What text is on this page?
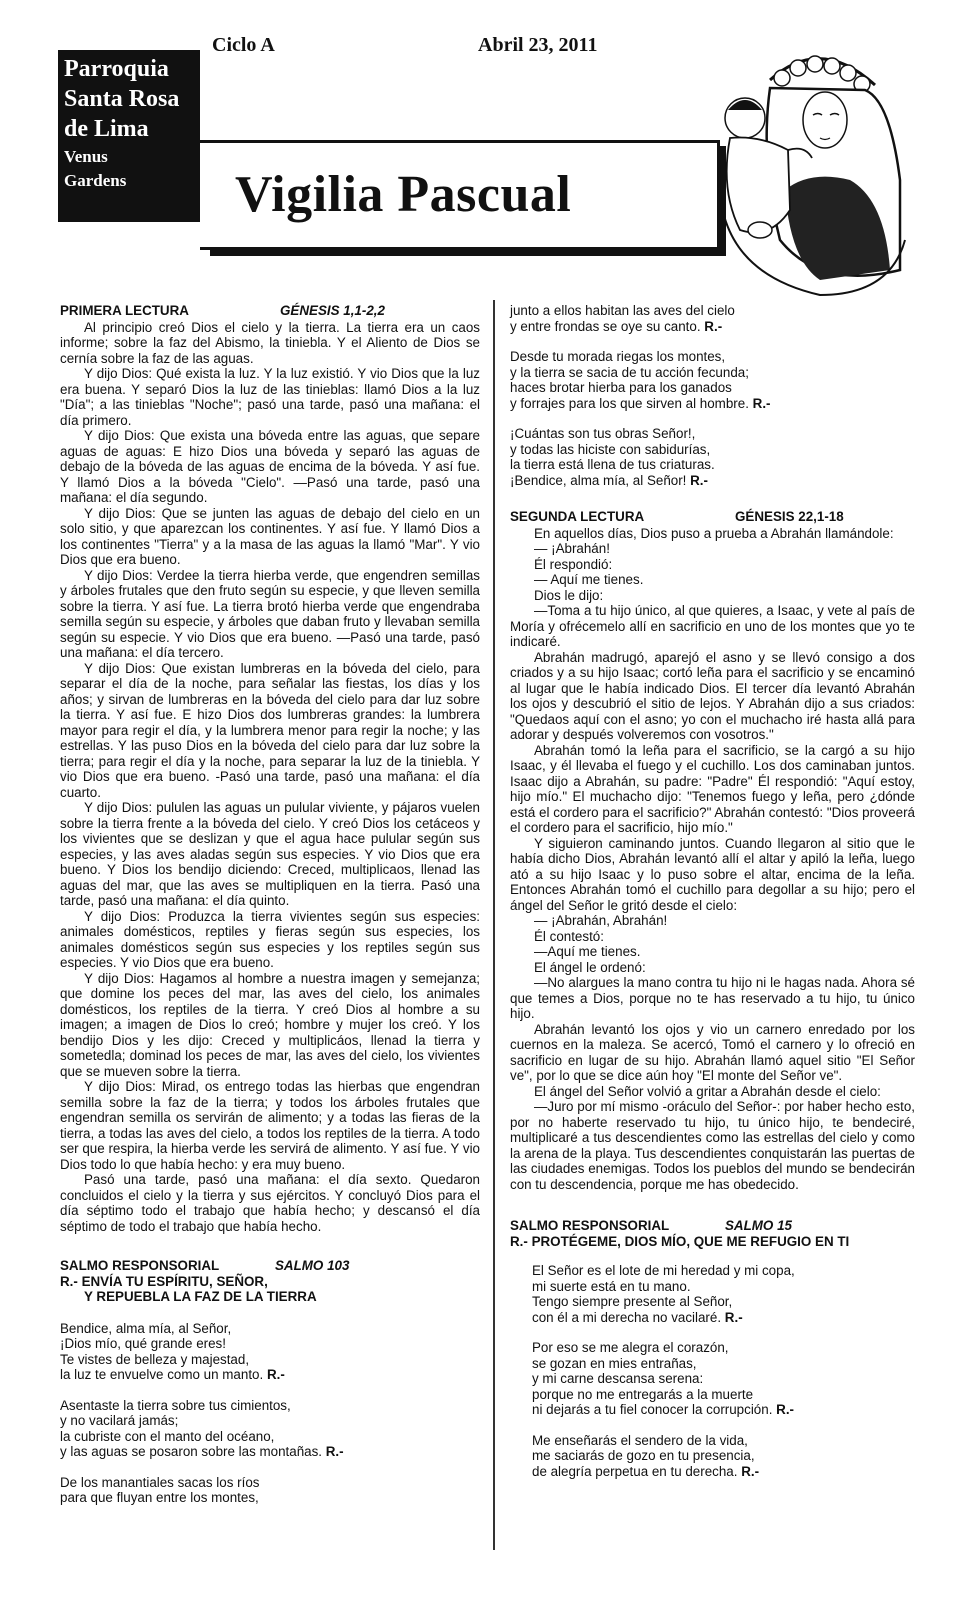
Parroquia
Santa Rosa
de Lima
Venus
Gardens
Ciclo A	Abril 23, 2011
Vigilia Pascual
PRIMERA LECTURA	GÉNESIS 1,1-2,2

Al principio creó Dios el cielo y la tierra. La tierra era un caos informe; sobre la faz del Abismo, la tiniebla. Y el Aliento de Dios se cernía sobre la faz de las aguas.

Y dijo Dios: Qué exista la luz. Y la luz existió. Y vio Dios que la luz era buena. Y separó Dios la luz de las tinieblas: llamó Dios a la luz "Día"; a las tinieblas "Noche"; pasó una tarde, pasó una mañana: el día primero.

Y dijo Dios: Que exista una bóveda entre las aguas, que separe aguas de aguas: E hizo Dios una bóveda y separó las aguas de debajo de la bóveda de las aguas de encima de la bóveda. Y así fue. Y llamó Dios a la bóveda "Cielo". —Pasó una tarde, pasó una mañana: el día segundo.

Y dijo Dios: Que se junten las aguas de debajo del cielo en un solo sitio, y que aparezcan los continentes. Y así fue. Y llamó Dios a los continentes "Tierra" y a la masa de las aguas la llamó "Mar". Y vio Dios que era bueno.

Y dijo Dios: Verdee la tierra hierba verde, que engendren semillas y árboles frutales que den fruto según su especie, y que lleven semilla sobre la tierra. Y así fue. La tierra brotó hierba verde que engendraba semilla según su especie, y árboles que daban fruto y llevaban semilla según su especie. Y vio Dios que era bueno. —Pasó una tarde, pasó una mañana: el día tercero.

Y dijo Dios: Que existan lumbreras en la bóveda del cielo, para separar el día de la noche, para señalar las fiestas, los días y los años; y sirvan de lumbreras en la bóveda del cielo para dar luz sobre la tierra. Y así fue. E hizo Dios dos lumbreras grandes: la lumbrera mayor para regir el día, y la lumbrera menor para regir la noche; y las estrellas. Y las puso Dios en la bóveda del cielo para dar luz sobre la tierra; para regir el día y la noche, para separar la luz de la tiniebla. Y vio Dios que era bueno. -Pasó una tarde, pasó una mañana: el día cuarto.

Y dijo Dios: pululen las aguas un pulular viviente, y pájaros vuelen sobre la tierra frente a la bóveda del cielo. Y creó Dios los cetáceos y los vivientes que se deslizan y que el agua hace pulular según sus especies, y las aves aladas según sus especies. Y vio Dios que era bueno. Y Dios los bendijo diciendo: Creced, multiplicaos, llenad las aguas del mar, que las aves se multipliquen en la tierra. Pasó una tarde, pasó una mañana: el día quinto.

Y dijo Dios: Produzca la tierra vivientes según sus especies: animales domésticos, reptiles y fieras según sus especies, los animales domésticos según sus especies y los reptiles según sus especies. Y vio Dios que era bueno.

Y dijo Dios: Hagamos al hombre a nuestra imagen y semejanza; que domine los peces del mar, las aves del cielo, los animales domésticos, los reptiles de la tierra. Y creó Dios al hombre a su imagen; a imagen de Dios lo creó; hombre y mujer los creó. Y los bendijo Dios y les dijo: Creced y multiplicáos, llenad la tierra y sometedla; dominad los peces de mar, las aves del cielo, los vivientes que se mueven sobre la tierra.

Y dijo Dios: Mirad, os entrego todas las hierbas que engendran semilla sobre la faz de la tierra; y todos los árboles frutales que engendran semilla os servirán de alimento; y a todas las fieras de la tierra, a todas las aves del cielo, a todos los reptiles de la tierra. A todo ser que respira, la hierba verde les servirá de alimento. Y así fue. Y vio Dios todo lo que había hecho: y era muy bueno.

Pasó una tarde, pasó una mañana: el día sexto. Quedaron concluidos el cielo y la tierra y sus ejércitos. Y concluyó Dios para el día séptimo todo el trabajo que había hecho; y descansó el día séptimo de todo el trabajo que había hecho.

SALMO RESPONSORIAL	SALMO 103
R.- ENVÍA TU ESPÍRITU, SEÑOR,
Y REPUEBLA LA FAZ DE LA TIERRA
Bendice, alma mía, al Señor,
¡Dios mío, qué grande eres!
Te vistes de belleza y majestad,
la luz te envuelve como un manto. R.-
Asentaste la tierra sobre tus cimientos,
y no vacilará jamás;
la cubriste con el manto del océano,
y las aguas se posaron sobre las montañas. R.-
De los manantiales sacas los ríos
para que fluyan entre los montes,
junto a ellos habitan las aves del cielo
y entre frondas se oye su canto. R.-
Desde tu morada riegas los montes,
y la tierra se sacia de tu acción fecunda;
haces brotar hierba para los ganados
y forrajes para los que sirven al hombre. R.-
¡Cuántas son tus obras Señor!,
y todas las hiciste con sabidurías,
la tierra está llena de tus criaturas.
¡Bendice, alma mía, al Señor! R.-
SEGUNDA LECTURA	GÉNESIS 22,1-18

En aquellos días, Dios puso a prueba a Abrahán llamándole:

— ¡Abrahán!

Él respondió:

— Aquí me tienes.

Dios le dijo:

—Toma a tu hijo único, al que quieres, a Isaac, y vete al país de Moría y ofrécemelo allí en sacrificio en uno de los montes que yo te indicaré.

Abrahán madrugó, aparejó el asno y se llevó consigo a dos criados y a su hijo Isaac; cortó leña para el sacrificio y se encaminó al lugar que le había indicado Dios. El tercer día levantó Abrahán los ojos y descubrió el sitio de lejos. Y Abrahán dijo a sus criados: "Quedaos aquí con el asno; yo con el muchacho iré hasta allá para adorar y después volveremos con vosotros."

Abrahán tomó la leña para el sacrificio, se la cargó a su hijo Isaac, y él llevaba el fuego y el cuchillo. Los dos caminaban juntos. Isaac dijo a Abrahán, su padre: "Padre" Él respondió: "Aquí estoy, hijo mío." El muchacho dijo: "Tenemos fuego y leña, pero ¿dónde está el cordero para el sacrificio?" Abrahán contestó: "Dios proveerá el cordero para el sacrificio, hijo mío."

Y siguieron caminando juntos. Cuando llegaron al sitio que le había dicho Dios, Abrahán levantó allí el altar y apiló la leña, luego ató a su hijo Isaac y lo puso sobre el altar, encima de la leña. Entonces Abrahán tomó el cuchillo para degollar a su hijo; pero el ángel del Señor le gritó desde el cielo:

— ¡Abrahán, Abrahán!

Él contestó:

—Aquí me tienes.

El ángel le ordenó:

—No alargues la mano contra tu hijo ni le hagas nada. Ahora sé que temes a Dios, porque no te has reservado a tu hijo, tu único hijo.

Abrahán levantó los ojos y vio un carnero enredado por los cuernos en la maleza. Se acercó, Tomó el carnero y lo ofreció en sacrificio en lugar de su hijo. Abrahán llamó aquel sitio "El Señor ve", por lo que se dice aún hoy "El monte del Señor ve".

El ángel del Señor volvió a gritar a Abrahán desde el cielo:

—Juro por mí mismo -oráculo del Señor-: por haber hecho esto, por no haberte reservado tu hijo, tu único hijo, te bendeciré, multiplicaré a tus descendientes como las estrellas del cielo y como la arena de la playa. Tus descendientes conquistarán las puertas de las ciudades enemigas. Todos los pueblos del mundo se bendecirán con tu descendencia, porque me has obedecido.

SALMO RESPONSORIAL	SALMO 15
R.- PROTÉGEME, DIOS MÍO, QUE ME REFUGIO EN TI
El Señor es el lote de mi heredad y mi copa,
mi suerte está en tu mano.
Tengo siempre presente al Señor,
con él a mi derecha no vacilaré. R.-
Por eso se me alegra el corazón,
se gozan en mies entrañas,
y mi carne descansa serena:
porque no me entregarás a la muerte
ni dejarás a tu fiel conocer la corrupción. R.-
Me enseñarás el sendero de la vida,
me saciarás de gozo en tu presencia,
de alegría perpetua en tu derecha. R.-
